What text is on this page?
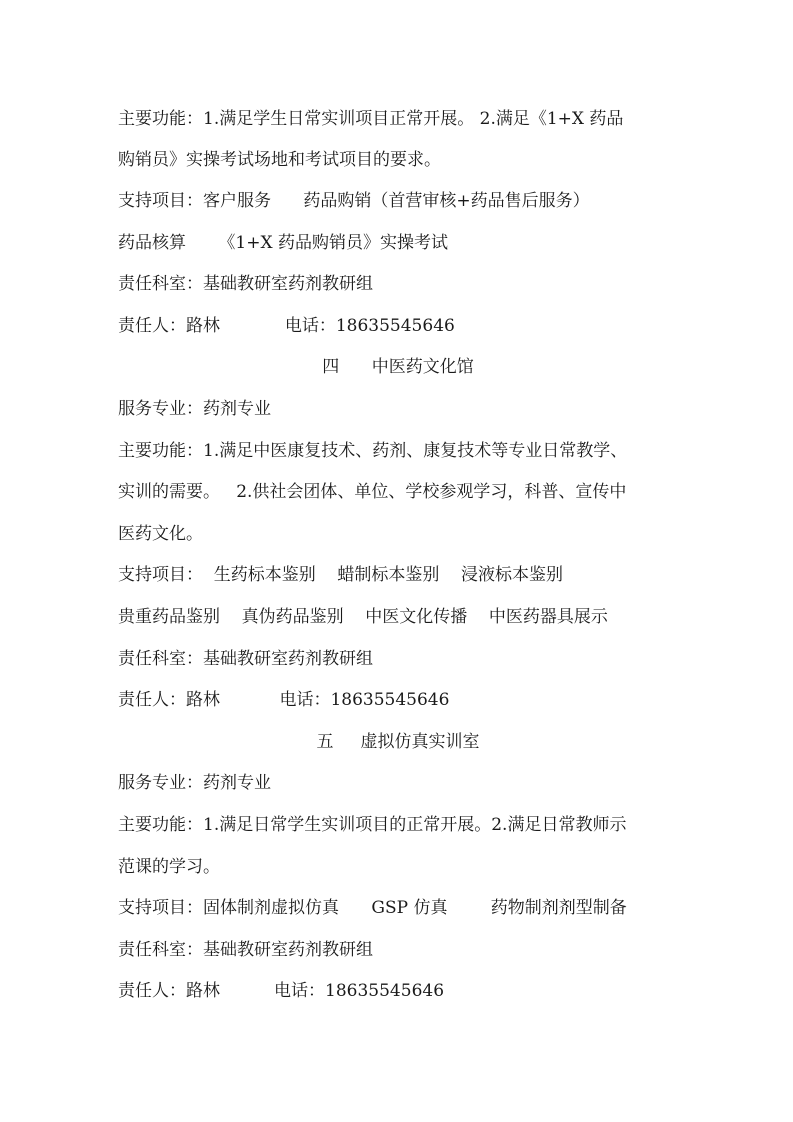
主要功能：1.满足学生日常实训项目正常开展。 2.满足《1+X 药品

购销员》实操考试场地和考试项目的要求。

支持项目：客户服务      药品购销（首营审核+药品售后服务）

药品核算      《1+X 药品购销员》实操考试

责任科室：基础教研室药剂教研组

责任人：路林            电话：18635545646

四      中医药文化馆

服务专业：药剂专业

主要功能：1.满足中医康复技术、药剂、康复技术等专业日常教学、

实训的需要。   2.供社会团体、单位、学校参观学习，科普、宣传中

医药文化。

支持项目：  生药标本鉴别    蜡制标本鉴别    浸液标本鉴别

贵重药品鉴别    真伪药品鉴别    中医文化传播    中医药器具展示

责任科室：基础教研室药剂教研组

责任人：路林           电话：18635545646

五     虚拟仿真实训室

服务专业：药剂专业

主要功能：1.满足日常学生实训项目的正常开展。2.满足日常教师示

范课的学习。

支持项目：固体制剂虚拟仿真      GSP 仿真        药物制剂剂型制备

责任科室：基础教研室药剂教研组

责任人：路林          电话：18635545646
